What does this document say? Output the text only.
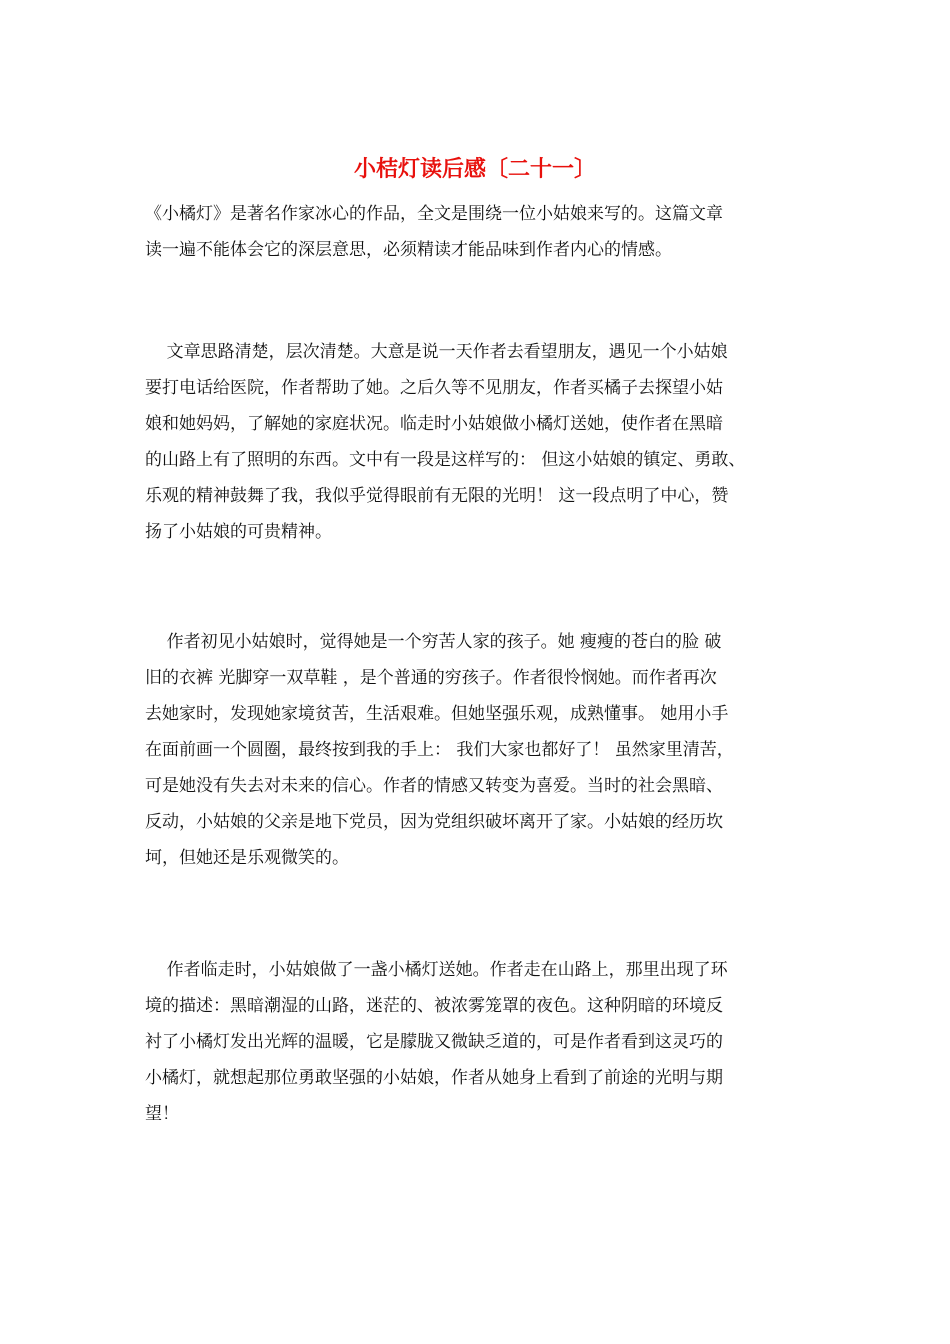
小桔灯读后感〔二十一〕
《小橘灯》是著名作家冰心的作品，全文是围绕一位小姑娘来写的。这篇文章
读一遍不能体会它的深层意思，必须精读才能品味到作者内心的情感。
文章思路清楚，层次清楚。大意是说一天作者去看望朋友，遇见一个小姑娘
要打电话给医院，作者帮助了她。之后久等不见朋友，作者买橘子去探望小姑
娘和她妈妈，了解她的家庭状况。临走时小姑娘做小橘灯送她，使作者在黑暗
的山路上有了照明的东西。文中有一段是这样写的： 但这小姑娘的镇定、勇敢、
乐观的精神鼓舞了我，我似乎觉得眼前有无限的光明！ 这一段点明了中心，赞
扬了小姑娘的可贵精神。
作者初见小姑娘时，觉得她是一个穷苦人家的孩子。她 瘦瘦的苍白的脸 破
旧的衣裤 光脚穿一双草鞋 ，是个普通的穷孩子。作者很怜悯她。而作者再次
去她家时，发现她家境贫苦，生活艰难。但她坚强乐观，成熟懂事。 她用小手
在面前画一个圆圈，最终按到我的手上： 我们大家也都好了！ 虽然家里清苦，
可是她没有失去对未来的信心。作者的情感又转变为喜爱。当时的社会黑暗、
反动，小姑娘的父亲是地下党员，因为党组织破坏离开了家。小姑娘的经历坎
坷，但她还是乐观微笑的。
作者临走时，小姑娘做了一盏小橘灯送她。作者走在山路上，那里出现了环
境的描述：黑暗潮湿的山路，迷茫的、被浓雾笼罩的夜色。这种阴暗的环境反
衬了小橘灯发出光辉的温暖，它是朦胧又微缺乏道的，可是作者看到这灵巧的
小橘灯，就想起那位勇敢坚强的小姑娘，作者从她身上看到了前途的光明与期
望！
